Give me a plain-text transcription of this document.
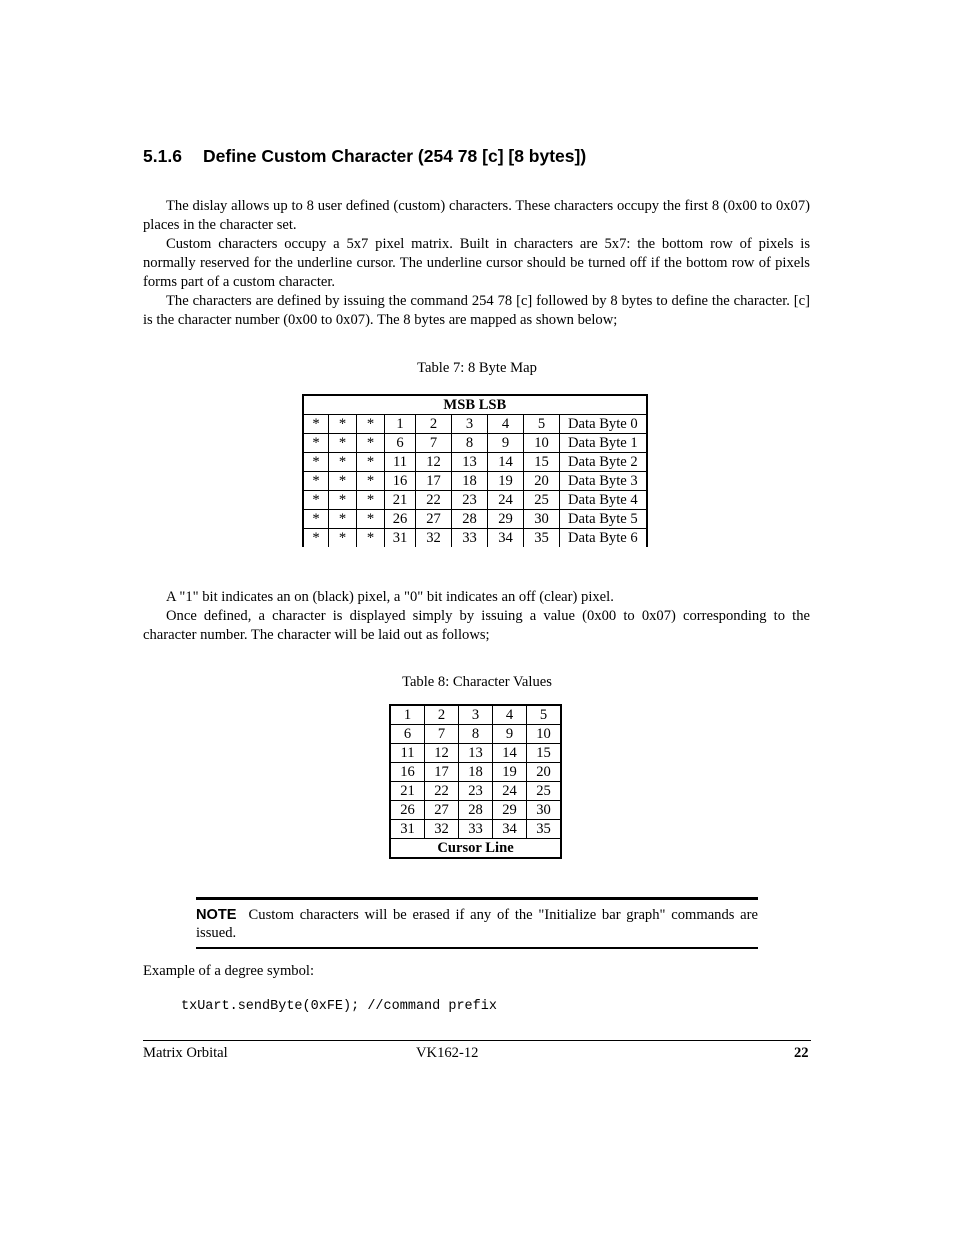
5.1.6 Define Custom Character (254 78 [c] [8 bytes])

The dislay allows up to 8 user defined (custom) characters. These characters occupy the first 8 (0x00 to 0x07) places in the character set.

Custom characters occupy a 5x7 pixel matrix. Built in characters are 5x7: the bottom row of pixels is normally reserved for the underline cursor. The underline cursor should be turned off if the bottom row of pixels forms part of a custom character.

The characters are defined by issuing the command 254 78 [c] followed by 8 bytes to define the character. [c] is the character number (0x00 to 0x07). The 8 bytes are mapped as shown below;

Table 7: 8 Byte Map
MSB LSB								
*	*	*	1	2	3	4	5	Data Byte 0
*	*	*	6	7	8	9	10	Data Byte 1
*	*	*	11	12	13	14	15	Data Byte 2
*	*	*	16	17	18	19	20	Data Byte 3
*	*	*	21	22	23	24	25	Data Byte 4
*	*	*	26	27	28	29	30	Data Byte 5
*	*	*	31	32	33	34	35	Data Byte 6

A "1" bit indicates an on (black) pixel, a "0" bit indicates an off (clear) pixel.

Once defined, a character is displayed simply by issuing a value (0x00 to 0x07) corresponding to the character number. The character will be laid out as follows;

Table 8: Character Values
1	2	3	4	5
6	7	8	9	10
11	12	13	14	15
16	17	18	19	20
21	22	23	24	25
26	27	28	29	30
31	32	33	34	35
Cursor Line				
NOTE Custom characters will be erased if any of the "Initialize bar graph" commands are issued.
Example of a degree symbol:
txUart.sendByte(0xFE); //command prefix
Matrix Orbital	VK162-12	22
